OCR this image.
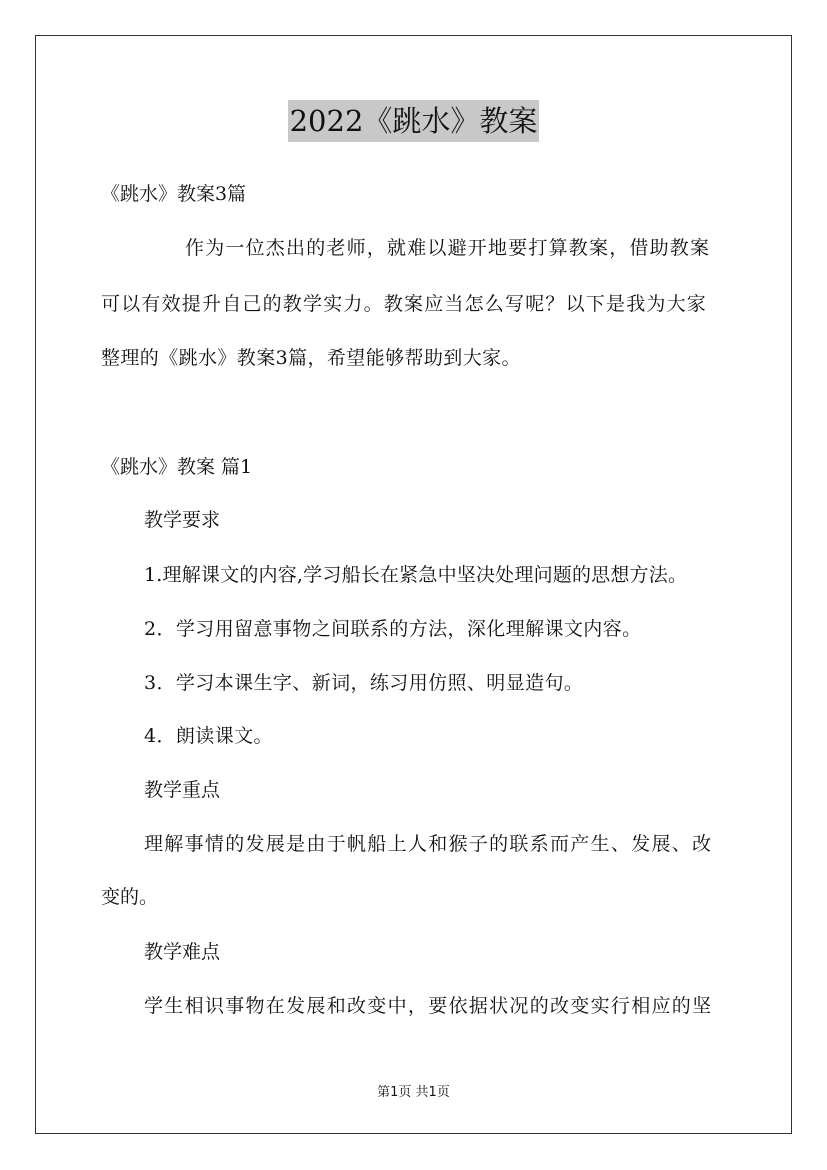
2022《跳水》教案
《跳水》教案3篇
作为一位杰出的老师，就难以避开地要打算教案，借助教案
可以有效提升自己的教学实力。教案应当怎么写呢？以下是我为大家
整理的《跳水》教案3篇，希望能够帮助到大家。
《跳水》教案 篇1
教学要求
1.理解课文的内容,学习船长在紧急中坚决处理问题的思想方法。
2．学习用留意事物之间联系的方法，深化理解课文内容。
3．学习本课生字、新词，练习用仿照、明显造句。
4．朗读课文。
教学重点
理解事情的发展是由于帆船上人和猴子的联系而产生、发展、改
变的。
教学难点
学生相识事物在发展和改变中，要依据状况的改变实行相应的坚
第1页 共1页
